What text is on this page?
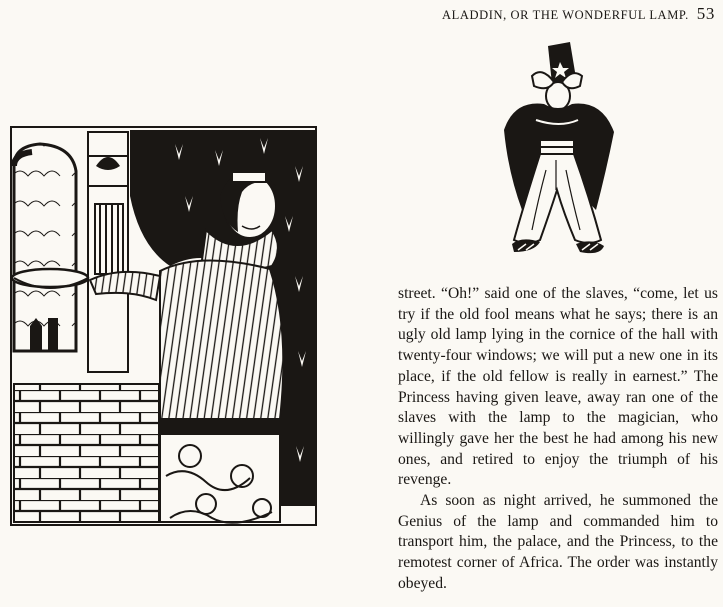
ALADDIN, OR THE WONDERFUL LAMP. 53

street. “Oh!” said one of the slaves, “come, let us try if the old fool means what he says; there is an ugly old lamp lying in the cornice of the hall with twenty-four windows; we will put a new one in its place, if the old fellow is really in earnest.” The Princess having given leave, away ran one of the slaves with the lamp to the magician, who willingly gave her the best he had among his new ones, and retired to enjoy the triumph of his revenge.

As soon as night arrived, he summoned the Genius of the lamp and commanded him to transport him, the palace, and the Princess, to the remotest corner of Africa. The order was instantly obeyed.
